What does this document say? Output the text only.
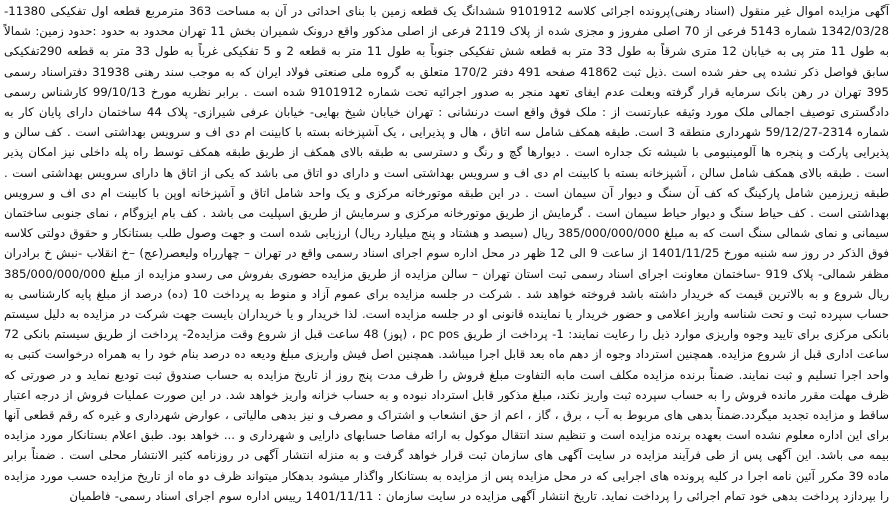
آگهی مزایده اموال غیر منقول (اسناد رهنی)پرونده اجرائی کلاسه 9101912 ششدانگ یک قطعه زمین با بنای احداثی در آن به مساحت 363 مترمربع قطعه اول تفکیکی 11380-1342/03/28 شماره 5143 فرعی از 70 اصلی مفروز و مجزی شده از پلاک 2119 فرعی از اصلی مذکور واقع درونک شمیران بخش 11 تهران محدود به حدود :حدود زمین: شمالاً به طول 11 متر پی به خیابان 12 متری شرقاً به طول 33 متر به قطعه شش تفکیکی جنوباً به طول 11 متر به قطعه 2 و 5 تفکیکی غرباً به طول 33 متر به قطعه 290تفکیکی سابق فواصل ذکر نشده پی حفر شده است .ذیل ثبت 41862 صفحه 491 دفتر 170/2 متعلق به گروه ملی صنعتی فولاد ایران که به موجب سند رهنی 31938 دفتراسناد رسمی 395 تهران در رهن بانک سرمایه قرار گرفته وبعلت عدم ایفای تعهد منجر به صدور اجرائیه تحت شماره 9101912 شده است . برابر نظریه مورخ 99/10/13 کارشناس رسمی دادگستری توصیف اجمالی ملک مورد وثیقه عبارتست از : ملک فوق واقع است درنشانی : تهران خیابان شیخ بهایی- خیابان عرفی شیرازی- پلاک 44 ساختمان دارای پایان کار به شماره 2314-59/12/27 شهرداری منطقه 3 است. طبقه همکف شامل سه اتاق ، هال و پذیرایی ، یک آشپزخانه بسته با کابینت ام دی اف و سرویس بهداشتی است . کف سالن و پذیرایی پارکت و پنجره ها آلومینیومی با شیشه تک جداره است . دیوارها گچ و رنگ و دسترسی به طبقه بالای همکف از طریق طبقه همکف توسط راه پله داخلی نیز امکان پذیر است . طبقه بالای همکف شامل سالن ، آشپزخانه بسته با کابینت ام دی اف و سرویس بهداشتی است و دارای دو اتاق می باشد که یکی از اتاق ها دارای سرویس بهداشتی است . طبقه زیرزمین شامل پارکینگ که کف آن سنگ و دیوار آن سیمان است . در این طبقه موتورخانه مرکزی و یک واحد شامل اتاق و آشپزخانه اوپن با کابینت ام دی اف و سرویس بهداشتی است . کف حیاط سنگ و دیوار حیاط سیمان است . گرمایش از طریق موتورخانه مرکزی و سرمایش از طریق اسپلیت می باشد . کف بام ایزوگام ، نمای جنوبی ساختمان سیمانی و نمای شمالی سنگ است که به مبلغ 385/000/000/000 ریال (سیصد و هشتاد و پنج میلیارد ریال) ارزیابی شده است و جهت وصول طلب بستانکار و حقوق دولتی کلاسه فوق الذکر در روز سه شنبه مورخ 1401/11/25 از ساعت 9 الی 12 ظهر در محل اداره سوم اجرای اسناد رسمی واقع در تهران – چهارراه ولیعصر(عج) –خ انقلاب -نبش خ برادران مظفر شمالی- پلاک 919 -ساختمان معاونت اجرای اسناد رسمی ثبت استان تهران – سالن مزایده از طریق مزایده حضوری بفروش می رسدو مزایده از مبلغ 385/000/000/000 ریال شروع و به بالاترین قیمت که خریدار داشته باشد فروخته خواهد شد . شرکت در جلسه مزایده برای عموم آزاد و منوط به پرداخت 10 (ده) درصد از مبلغ پایه کارشناسی به حساب سپرده ثبت و تحت شناسه واریز اعلامی و حضور خریدار یا نماینده قانونی او در جلسه مزایده است. لذا خریدار و یا خریداران بایست جهت شرکت در مزایده به دلیل سیستم بانکی مرکزی برای تایید وجوه واریزی موارد ذیل را رعایت نمایند: 1- پرداخت از طریق pc pos ، (پوز) 48 ساعت قبل از شروع وقت مزایده2- پرداخت از طریق سیستم بانکی 72 ساعت اداری قبل از شروع مزایده. همچنین استرداد وجوه از دهم ماه بعد قابل اجرا میباشد. همچنین اصل فیش واریزی مبلغ ودیعه ده درصد بنام خود را به همراه درخواست کتبی به واحد اجرا تسلیم و ثبت نمایند. ضمناً برنده مزایده مکلف است مابه التفاوت مبلغ فروش را ظرف مدت پنج روز از تاریخ مزایده به حساب صندوق ثبت تودیع نماید و در صورتی که ظرف مهلت مقرر مانده فروش را به حساب سپرده ثبت واریز نکند، مبلغ مذکور قابل استرداد نبوده و به حساب خزانه واریز خواهد شد. در این صورت عملیات فروش از درجه اعتبار ساقط و مزایده تجدید میگردد.ضمناً بدهی های مربوط به آب ، برق ، گاز ، اعم از حق انشعاب و اشتراک و مصرف و نیز بدهی مالیاتی ، عوارض شهرداری و غیره که رقم قطعی آنها برای این اداره معلوم نشده است بعهده برنده مزایده است و تنظیم سند انتقال موکول به ارائه مفاصا حسابهای دارایی و شهرداری و ... خواهد بود. طبق اعلام بستانکار مورد مزایده بیمه می باشد. این آگهی پس از طی فرآیند مزایده در سایت آگهی های سازمان ثبت قرار خواهد گرفت و به منزله انتشار آگهی در روزنامه کثیر الانتشار محلی است . ضمناً برابر ماده 39 مکرر آئین نامه اجرا در کلیه پرونده های اجرایی که در محل مزایده پس از مزایده به بستانکار واگذار میشود بدهکار میتواند ظرف دو ماه از تاریخ مزایده حسب مورد مزایده را بپردازد پرداخت بدهی خود تمام اجرائی را پرداخت نماید. تاریخ انتشار آگهی مزایده در سایت سازمان : 1401/11/11 رییس اداره سوم اجرای اسناد رسمی- فاطمیان
